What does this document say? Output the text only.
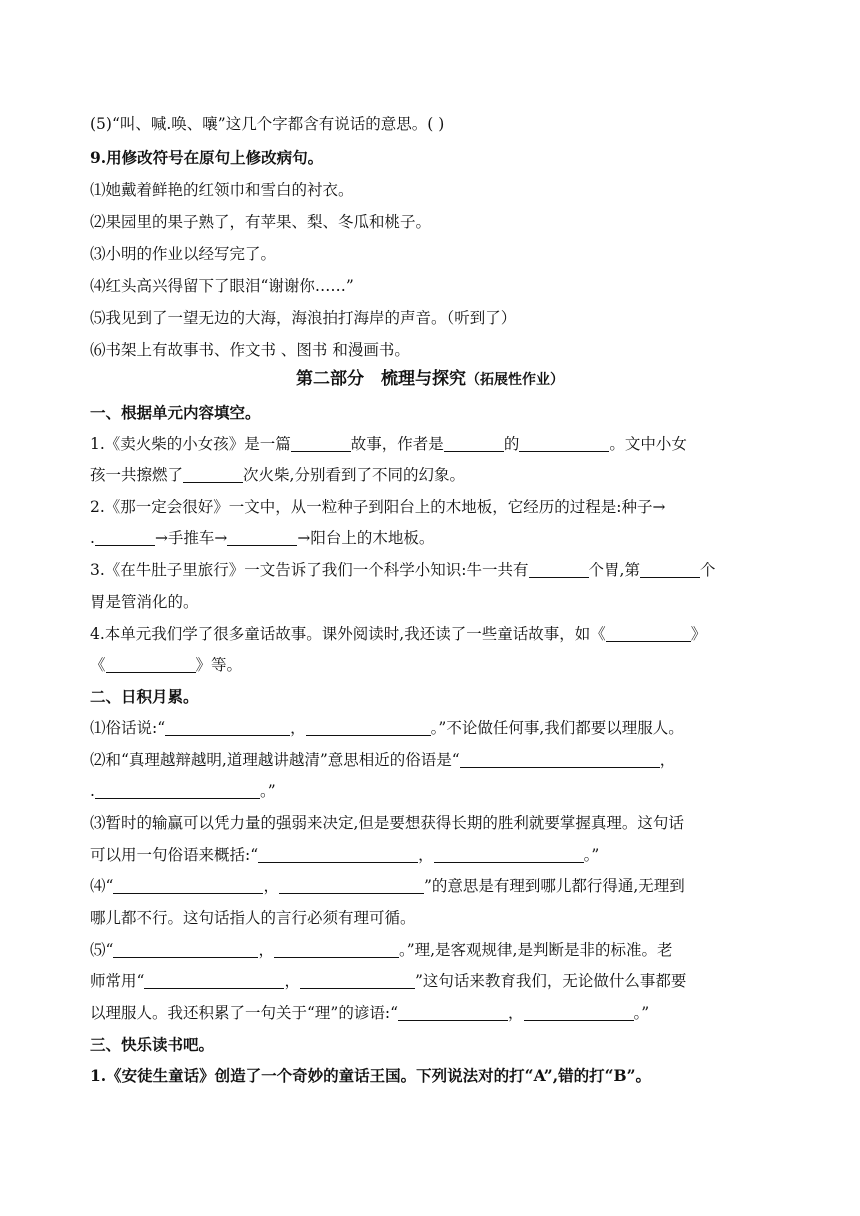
(5)“叫、喊.唤、嚷”这几个字都含有说话的意思。( )
9.用修改符号在原句上修改病句。
⑴她戴着鲜艳的红领巾和雪白的衬衣。
⑵果园里的果子熟了，有苹果、梨、冬瓜和桃子。
⑶小明的作业以经写完了。
⑷红头高兴得留下了眼泪“谢谢你……”
⑸我见到了一望无边的大海，海浪拍打海岸的声音。（听到了）
⑹书架上有故事书、作文书 、图书 和漫画书。
第二部分　梳理与探究（拓展性作业）
一、根据单元内容填空。
1.《卖火柴的小女孩》是一篇	故事，作者是	的	。文中小女
孩一共擦燃了	次火柴,分别看到了不同的幻象。
2.《那一定会很好》一文中，从一粒种子到阳台上的木地板，它经历的过程是:种子→
.	→手推车→	→阳台上的木地板。
3.《在牛肚子里旅行》一文告诉了我们一个科学小知识:牛一共有	个胃,第	个
胃是管消化的。
4.本单元我们学了很多童话故事。课外阅读时,我还读了一些童话故事，如《	》
《	》等。
二、日积月累。
⑴俗话说:“	，	。”不论做任何事,我们都要以理服人。
⑵和“真理越辩越明,道理越讲越清”意思相近的俗语是“	，
.	。”
⑶暂时的输赢可以凭力量的强弱来决定,但是要想获得长期的胜利就要掌握真理。这句话
可以用一句俗语来概括:“	，	。”
⑷“	，	”的意思是有理到哪儿都行得通,无理到
哪儿都不行。这句话指人的言行必须有理可循。
⑸“	，	。”理,是客观规律,是判断是非的标准。老
师常用“	，	”这句话来教育我们，无论做什么事都要
以理服人。我还积累了一句关于“理”的谚语:“	，	。”
三、快乐读书吧。
1.《安徒生童话》创造了一个奇妙的童话王国。下列说法对的打“A”,错的打“B”。
